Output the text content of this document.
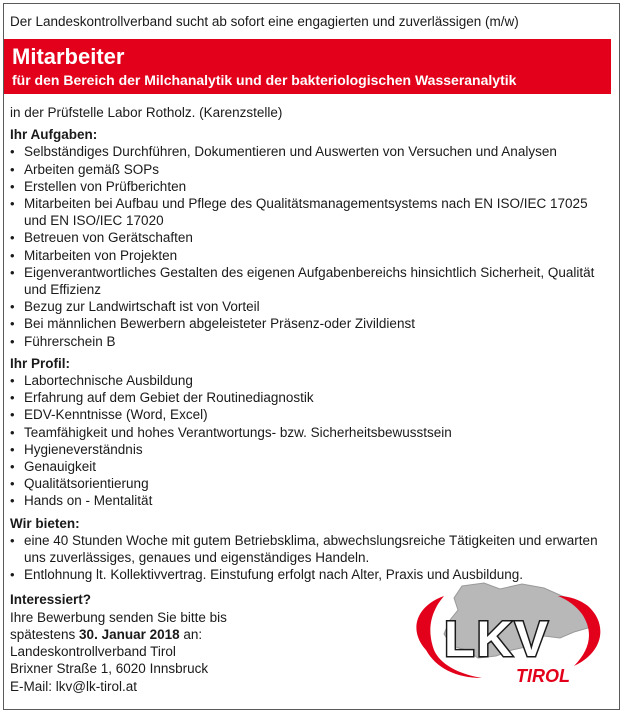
Der Landeskontrollverband sucht ab sofort eine engagierten und zuverlässigen (m/w)
Mitarbeiter
für den Bereich der Milchanalytik und der bakteriologischen Wasseranalytik

in der Prüfstelle Labor Rotholz. (Karenzstelle)

Ihr Aufgaben:

• Selbständiges Durchführen, Dokumentieren und Auswerten von Versuchen und Analysen
• Arbeiten gemäß SOPs
• Erstellen von Prüfberichten
• Mitarbeiten bei Aufbau und Pflege des Qualitätsmanagementsystems nach EN ISO/IEC 17025 und EN ISO/IEC 17020
• Betreuen von Gerätschaften
• Mitarbeiten von Projekten
• Eigenverantwortliches Gestalten des eigenen Aufgabenbereichs hinsichtlich Sicherheit, Qualität und Effizienz
• Bezug zur Landwirtschaft ist von Vorteil
• Bei männlichen Bewerbern abgeleisteter Präsenz-oder Zivildienst
• Führerschein B

Ihr Profil:

• Labortechnische Ausbildung
• Erfahrung auf dem Gebiet der Routinediagnostik
• EDV-Kenntnisse (Word, Excel)
• Teamfähigkeit und hohes Verantwortungs- bzw. Sicherheitsbewusstsein
• Hygieneverständnis
• Genauigkeit
• Qualitätsorientierung
• Hands on - Mentalität

Wir bieten:

• eine 40 Stunden Woche mit gutem Betriebsklima, abwechslungsreiche Tätigkeiten und erwarten uns zuverlässiges, genaues und eigenständiges Handeln.
• Entlohnung lt. Kollektivvertrag. Einstufung erfolgt nach Alter, Praxis und Ausbildung.

Interessiert?

Ihre Bewerbung senden Sie bitte bis

spätestens 30. Januar 2018 an:

Landeskontrollverband Tirol

Brixner Straße 1, 6020 Innsbruck

E-Mail: lkv@lk-tirol.at

LKV
TIROL
